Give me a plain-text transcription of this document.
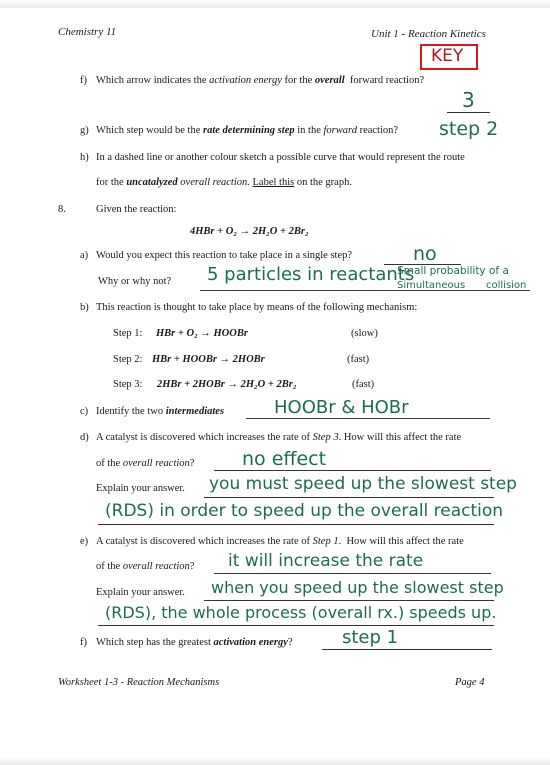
Chemistry 11	Unit 1 - Reaction Kinetics
KEY
f) Which arrow indicates the activation energy for the overall  forward reaction?
3
g) Which step would be the rate determining step in the forward reaction? step 2
h) In a dashed line or another colour sketch a possible curve that would represent the route
for the uncatalyzed overall reaction. Label this on the graph.
8.	Given the reaction:
4HBr + O₂ → 2H₂O + 2Br₂
a) Would you expect this reaction to take place in a single step?	no
Why or why not? 5 particles in reactants
- Small probability of a
Simultaneous collision
b) This reaction is thought to take place by means of the following mechanism:
Step 1: HBr + O₂ → HOOBr	(slow)
Step 2: HBr + HOOBr → 2HOBr	(fast)
Step 3: 2HBr + 2HOBr → 2H₂O + 2Br₂	(fast)
c) Identify the two intermediates	HOOBr & HOBr
d) A catalyst is discovered which increases the rate of Step 3. How will this affect the rate
of the overall reaction?	no effect
Explain your answer. you must speed up the slowest step
(RDS) in order to speed up the overall reaction
e) A catalyst is discovered which increases the rate of Step 1.  How will this affect the rate
of the overall reaction? it will increase the rate
Explain your answer. when you speed up the slowest step
(RDS), the whole process (overall rx.) speeds up.
f) Which step has the greatest activation energy?	step 1
Worksheet 1-3 - Reaction Mechanisms	Page 4
